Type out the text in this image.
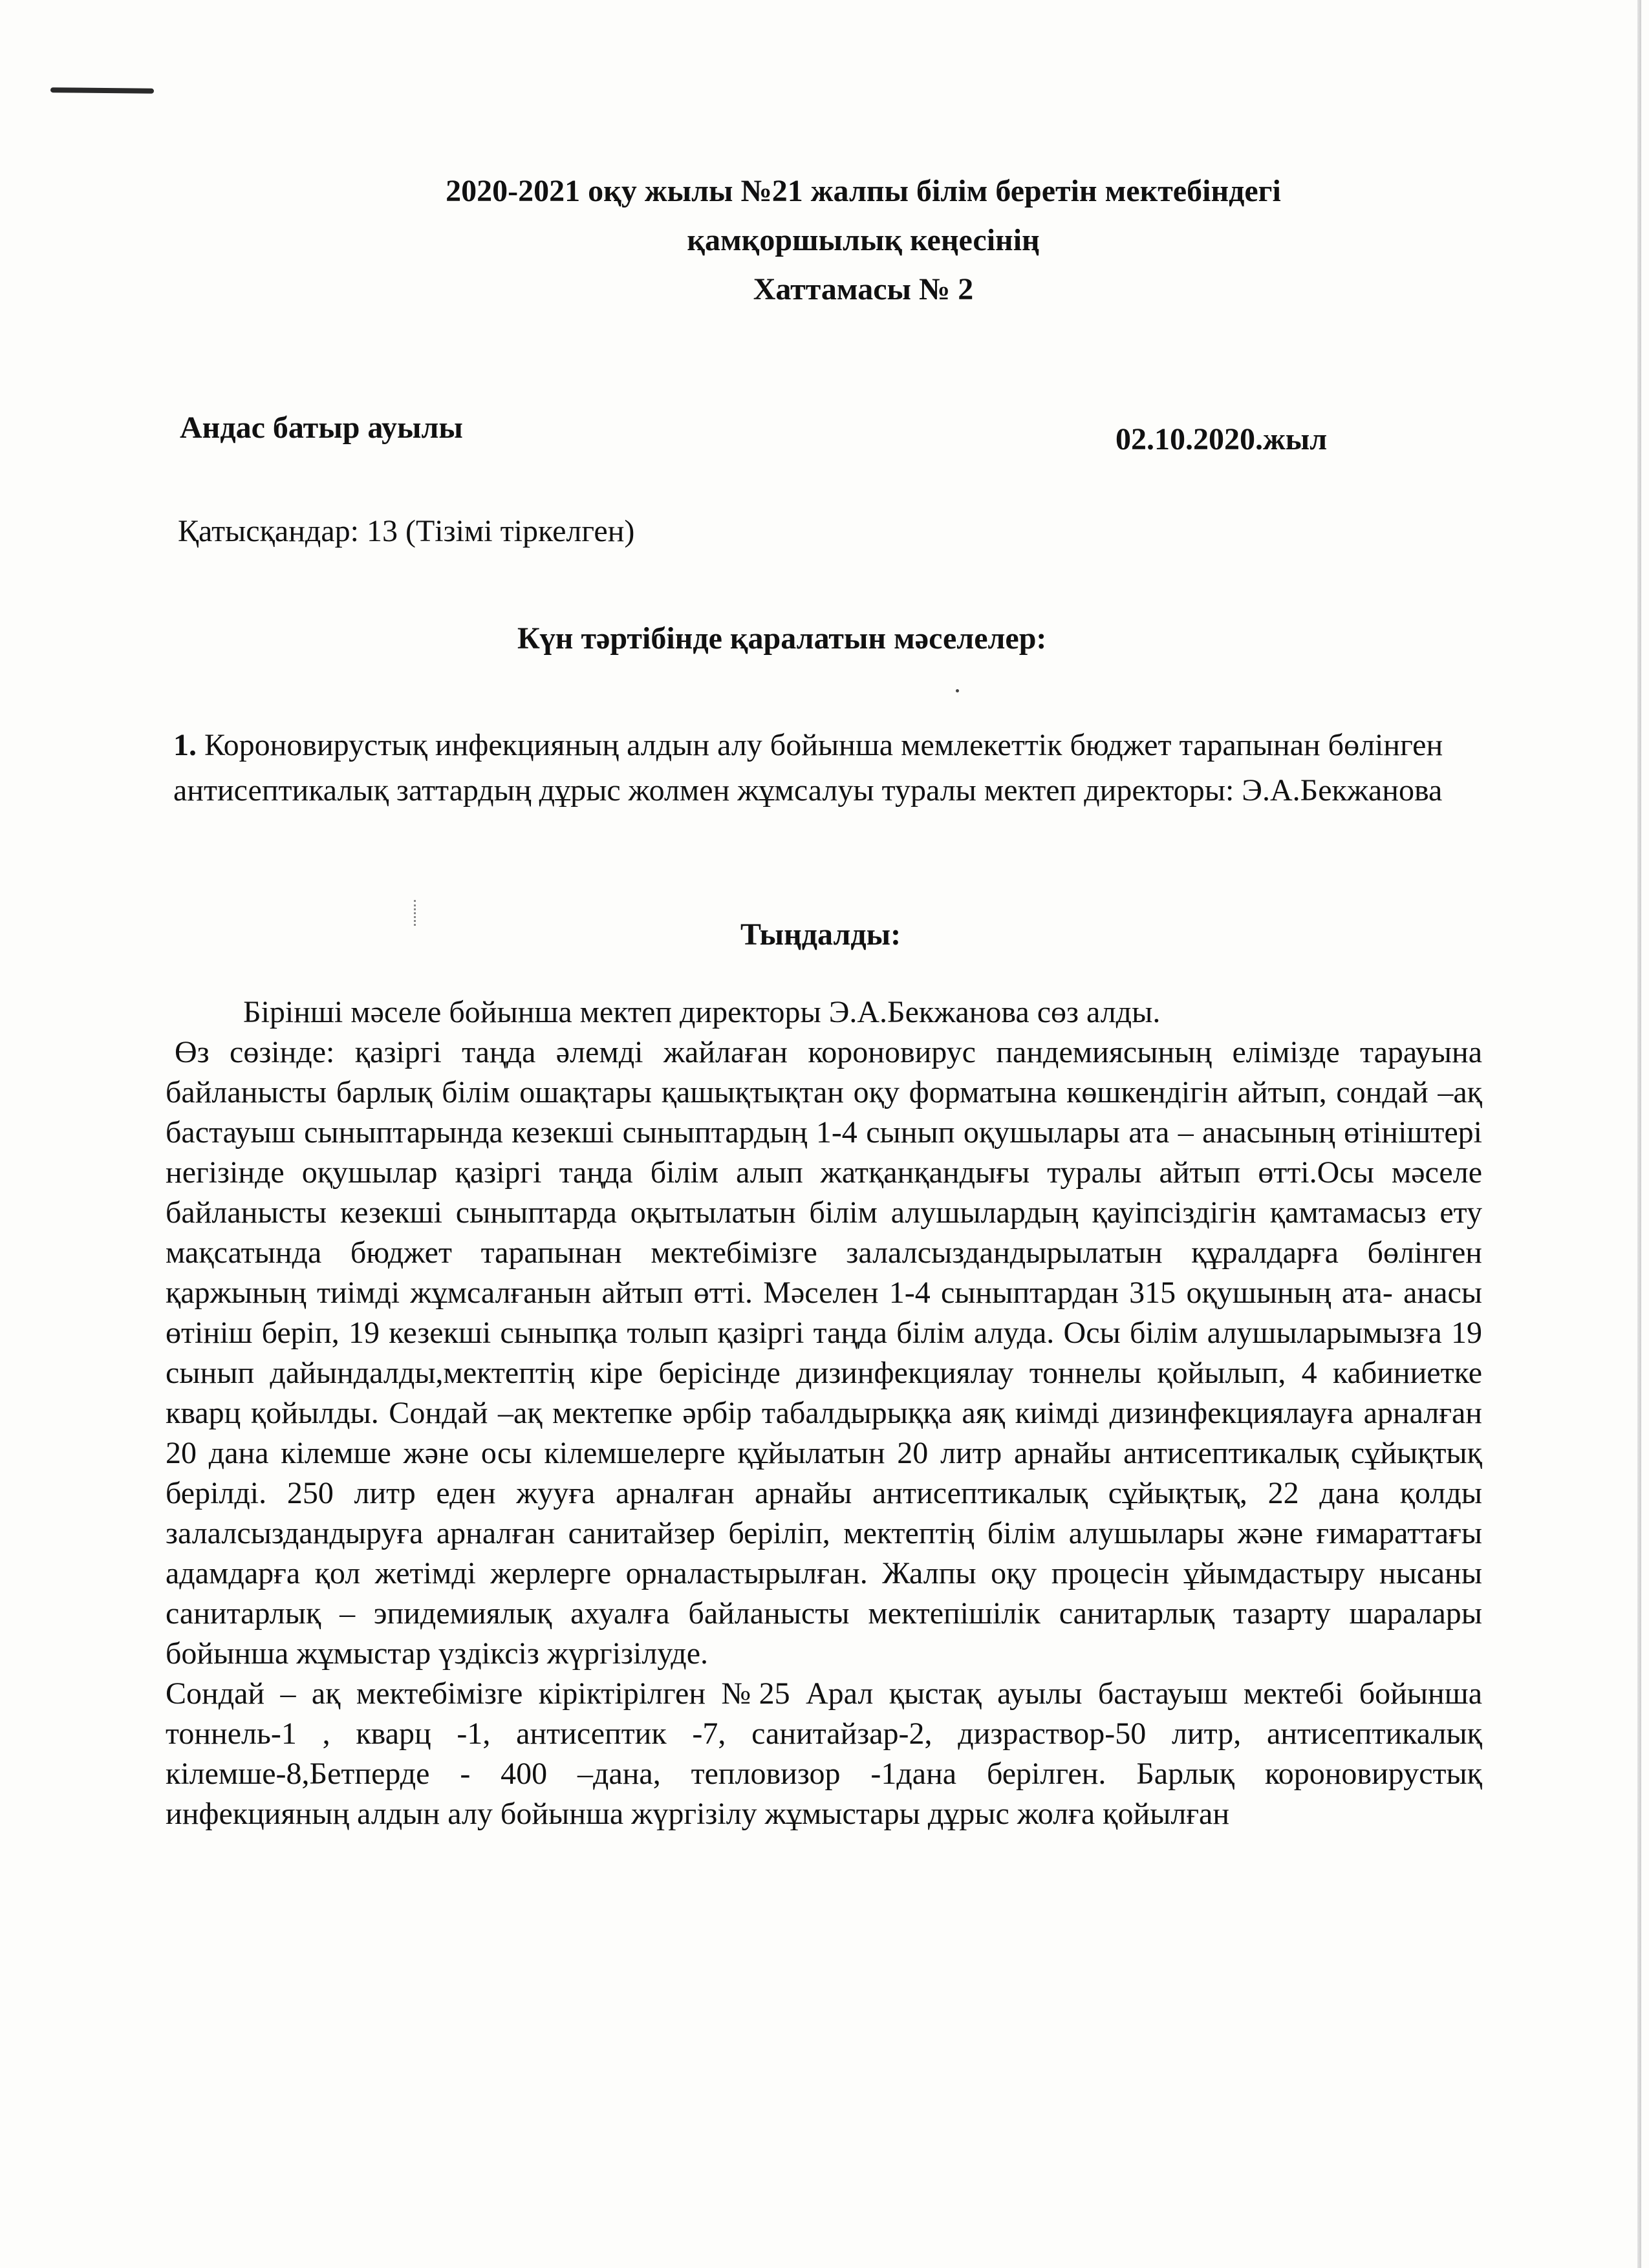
2020-2021 оқу жылы №21 жалпы білім беретін мектебіндегі
қамқоршылық кеңесінің
Хаттамасы № 2
Андас батыр ауылы	02.10.2020.жыл
Қатысқандар: 13 (Тізімі тіркелген)
Күн тәртібінде қаралатын мәселелер:
1. Короновирустық инфекцияның алдын алу бойынша мемлекеттік бюджет тарапынан бөлінген антисептикалық заттардың дұрыс жолмен жұмсалуы туралы мектеп директоры: Э.А.Бекжанова
Тыңдалды:

Бірінші мәселе бойынша мектеп директоры Э.А.Бекжанова сөз алды.

Өз сөзінде: қазіргі таңда әлемді жайлаған короновирус пандемиясының елімізде тарауына байланысты барлық білім ошақтары қашықтықтан оқу форматына көшкендігін айтып, сондай –ақ бастауыш сыныптарында кезекші сыныптардың 1-4 сынып оқушылары ата – анасының өтініштері негізінде оқушылар қазіргі таңда білім алып жатқанқандығы туралы айтып өтті.Осы мәселе байланысты кезекші сыныптарда оқытылатын білім алушылардың қауіпсіздігін қамтамасыз ету мақсатында бюджет тарапынан мектебімізге залалсыздандырылатын құралдарға бөлінген қаржының тиімді жұмсалғанын айтып өтті. Мәселен 1-4 сыныптардан 315 оқушының ата- анасы өтініш беріп, 19 кезекші сыныпқа толып қазіргі таңда білім алуда. Осы білім алушыларымызға 19 сынып дайындалды,мектептің кіре берісінде дизинфекциялау тоннелы қойылып, 4 кабиниетке кварц қойылды. Сондай –ақ мектепке әрбір табалдырыққа аяқ киімді дизинфекциялауға арналған 20 дана кілемше және осы кілемшелерге құйылатын 20 литр арнайы антисептикалық сұйықтық берілді. 250 литр еден жууға арналған арнайы антисептикалық сұйықтық, 22 дана қолды залалсыздандыруға арналған санитайзер беріліп, мектептің білім алушылары және ғимараттағы адамдарға қол жетімді жерлерге орналастырылған. Жалпы оқу процесін ұйымдастыру нысаны санитарлық – эпидемиялық ахуалға байланысты мектепішілік санитарлық тазарту шаралары бойынша жұмыстар үздіксіз жүргізілуде.

Сондай – ақ мектебімізге кіріктірілген №25 Арал қыстақ ауылы бастауыш мектебі бойынша тоннель-1 , кварц -1, антисептик -7, санитайзар-2, дизраствор-50 литр, антисептикалық кілемше-8,Бетперде - 400 –дана, тепловизор -1дана берілген. Барлық короновирустық инфекцияның алдын алу бойынша жүргізілу жұмыстары дұрыс жолға қойылған
